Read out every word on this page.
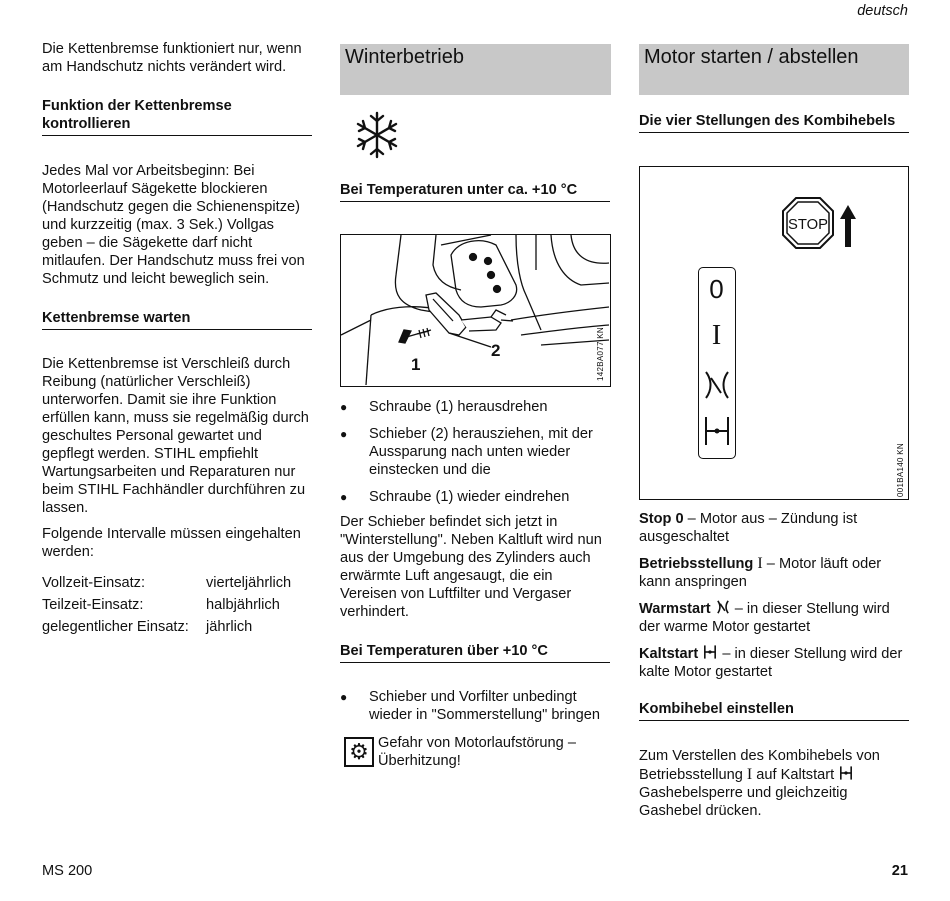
deutsch

Die Kettenbremse funktioniert nur, wenn am Handschutz nichts verändert wird.

Funktion der Kettenbremse kontrollieren

Jedes Mal vor Arbeitsbeginn: Bei Motorleerlauf Sägekette blockieren (Handschutz gegen die Schienenspitze) und kurzzeitig (max. 3 Sek.) Vollgas geben – die Sägekette darf nicht mitlaufen. Der Handschutz muss frei von Schmutz und leicht beweglich sein.

Kettenbremse warten

Die Kettenbremse ist Verschleiß durch Reibung (natürlicher Verschleiß) unterworfen. Damit sie ihre Funktion erfüllen kann, muss sie regelmäßig durch geschultes Personal gewartet und gepflegt werden. STIHL empfiehlt Wartungsarbeiten und Reparaturen nur beim STIHL Fachhändler durchführen zu lassen.

Folgende Intervalle müssen eingehalten werden:

Vollzeit-Einsatz:	vierteljährlich
Teilzeit-Einsatz:	halbjährlich
gelegentlicher Einsatz:	jährlich
Winterbetrieb
Bei Temperaturen unter ca. +10 °C
1
2	142BA077 KN
● Schraube (1) herausdrehen
● Schieber (2) herausziehen, mit der Aussparung nach unten wieder einstecken und die
● Schraube (1) wieder eindrehen

Der Schieber befindet sich jetzt in "Winterstellung". Neben Kaltluft wird nun aus der Umgebung des Zylinders auch erwärmte Luft angesaugt, die ein Vereisen von Luftfilter und Vergaser verhindert.

Bei Temperaturen über +10 °C
● Schieber und Vorfilter unbedingt wieder in "Sommerstellung" bringen
⚙ Gefahr von Motorlaufstörung – Überhitzung!

Motor starten / abstellen
Die vier Stellungen des Kombihebels
STOP
0
I
001BA140 KN

Stop 0 – Motor aus – Zündung ist ausgeschaltet

Betriebsstellung I – Motor läuft oder kann anspringen

Warmstart  – in dieser Stellung wird der warme Motor gestartet

Kaltstart  – in dieser Stellung wird der kalte Motor gestartet

Kombihebel einstellen

Zum Verstellen des Kombihebels von Betriebsstellung I auf Kaltstart  Gashebelsperre und gleichzeitig Gashebel drücken.

MS 200	21
